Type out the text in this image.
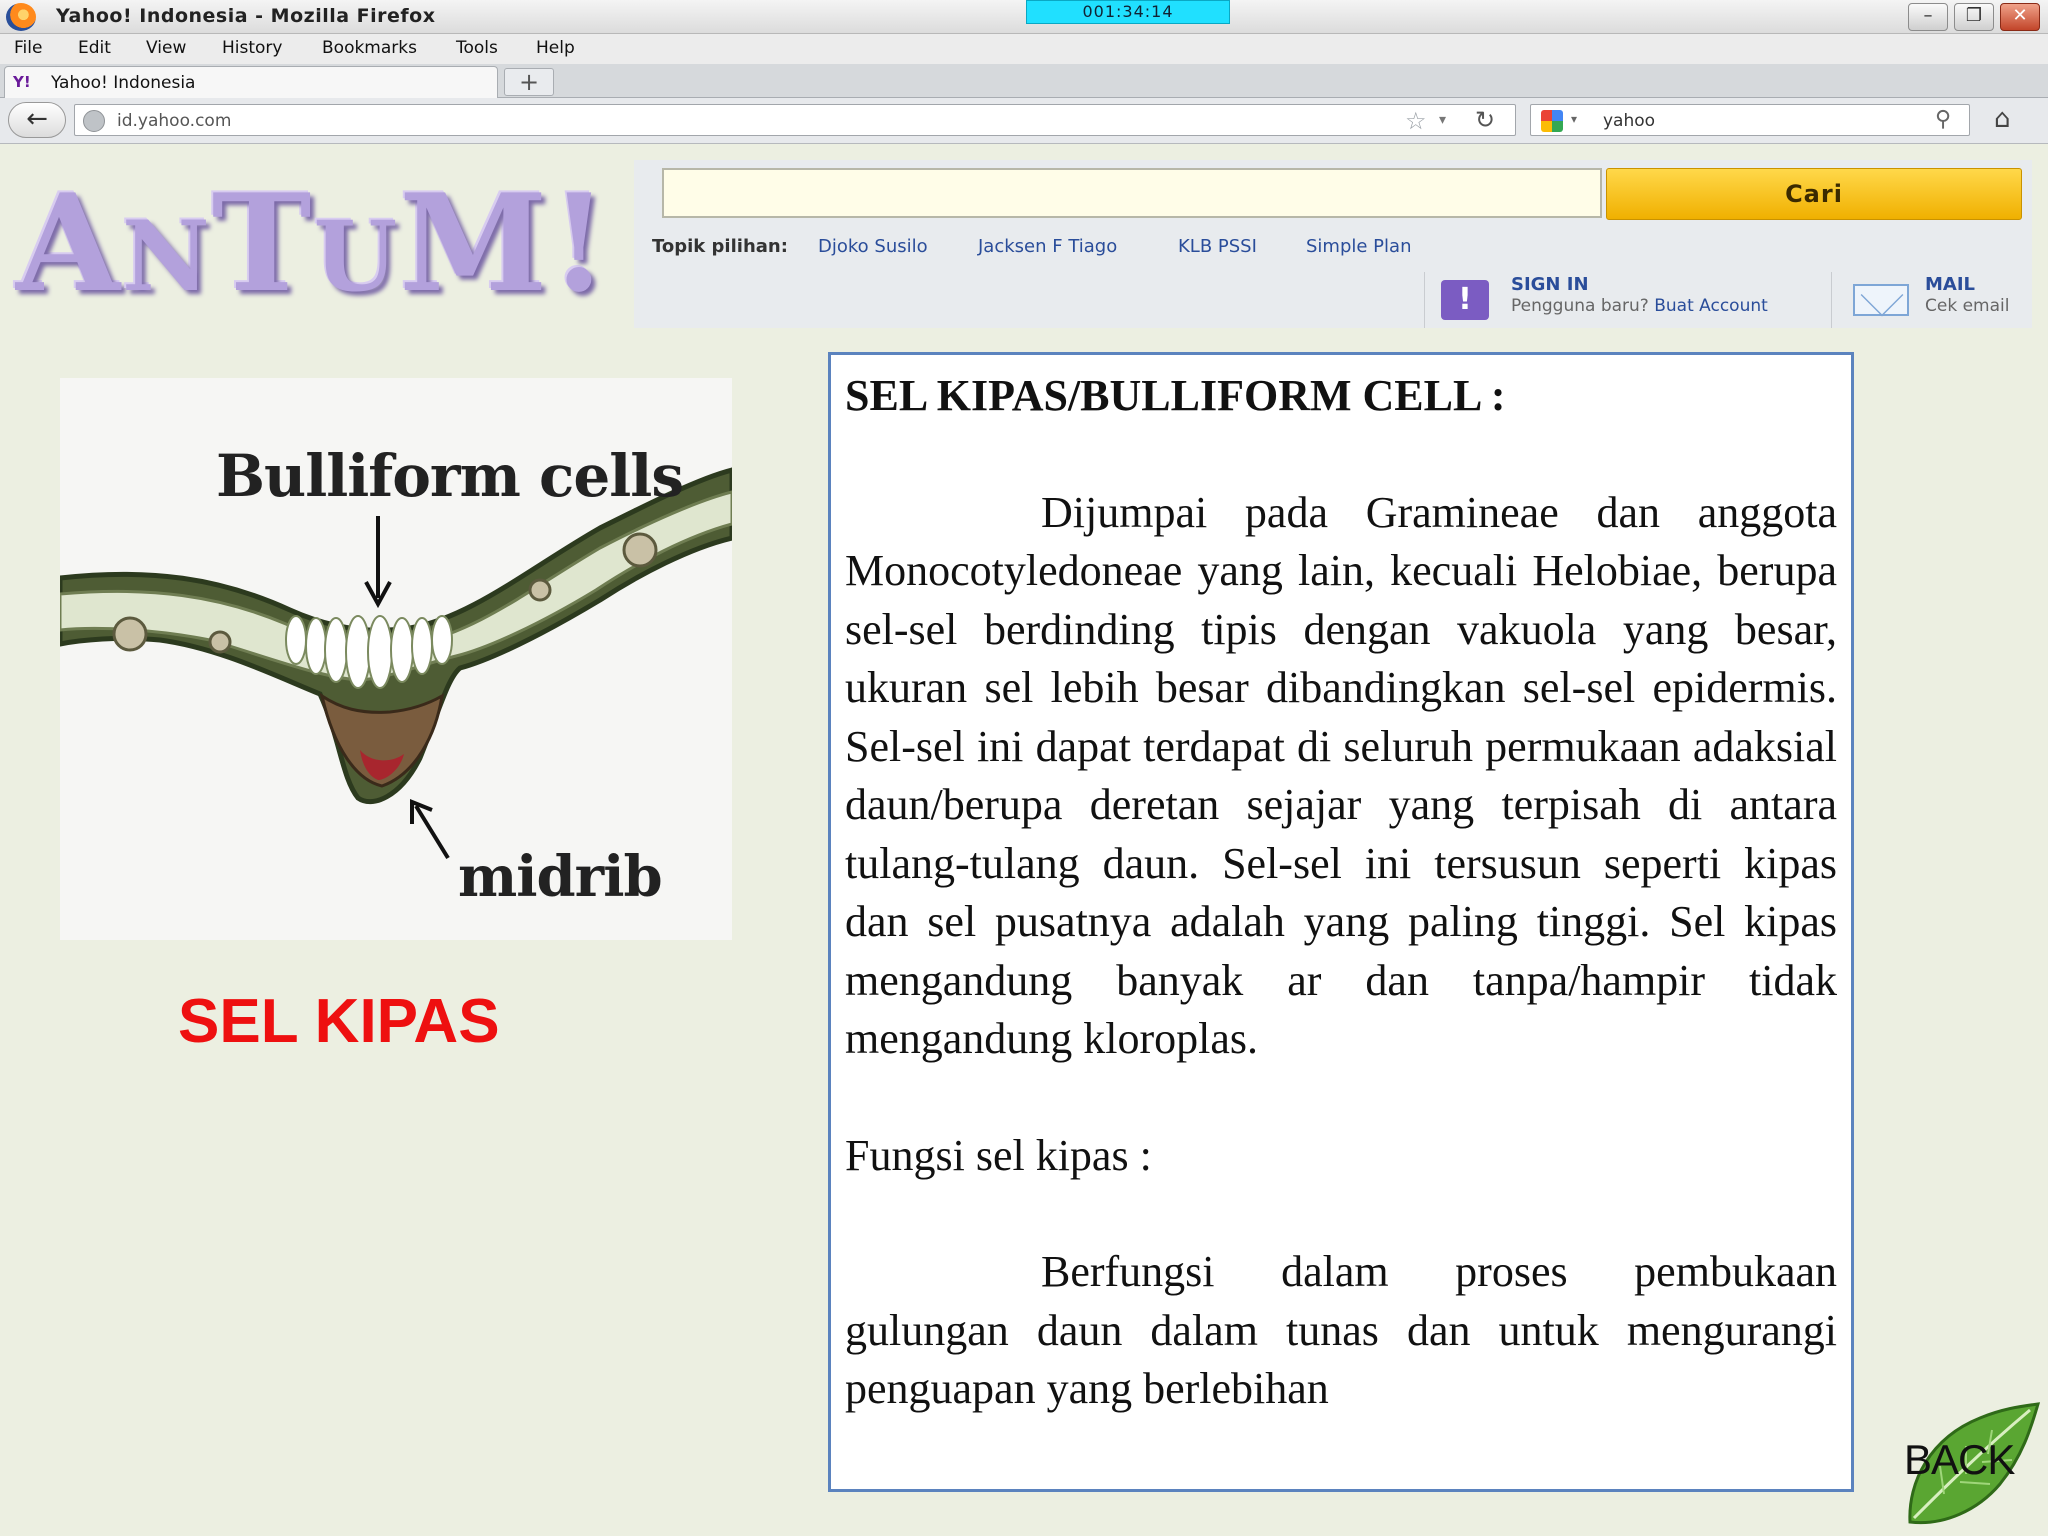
Yahoo! Indonesia - Mozilla Firefox	001:34:14	–	❐	✕
File Edit View History Bookmarks Tools Help
Y!	Yahoo! Indonesia	+
←	id.yahoo.com	☆ ▾ ↻	▾ yahoo	⚲ ⌂
ANTUM!	Cari
Topik pilihan: Djoko Susilo	Jacksen F Tiago	KLB PSSI	Simple Plan
!	SIGN IN
Pengguna baru? Buat Account
MAIL
Cek email
Bulliform cells
midrib
SEL KIPAS
SEL KIPAS/BULLIFORM CELL :
Dijumpai pada Gramineae dan anggota Monocotyledoneae yang lain, kecuali Helobiae, berupa sel-sel berdinding tipis dengan vakuola yang besar, ukuran sel lebih besar dibandingkan sel-sel epidermis. Sel-sel ini dapat terdapat di seluruh permukaan adaksial daun/berupa deretan sejajar yang terpisah di antara tulang-tulang daun. Sel-sel ini tersusun seperti kipas dan sel pusatnya adalah yang paling tinggi. Sel kipas mengandung banyak ar dan tanpa/hampir tidak mengandung kloroplas.
Fungsi sel kipas :
Berfungsi dalam proses pembukaan gulungan daun dalam tunas dan untuk mengurangi penguapan yang berlebihan
BACK
